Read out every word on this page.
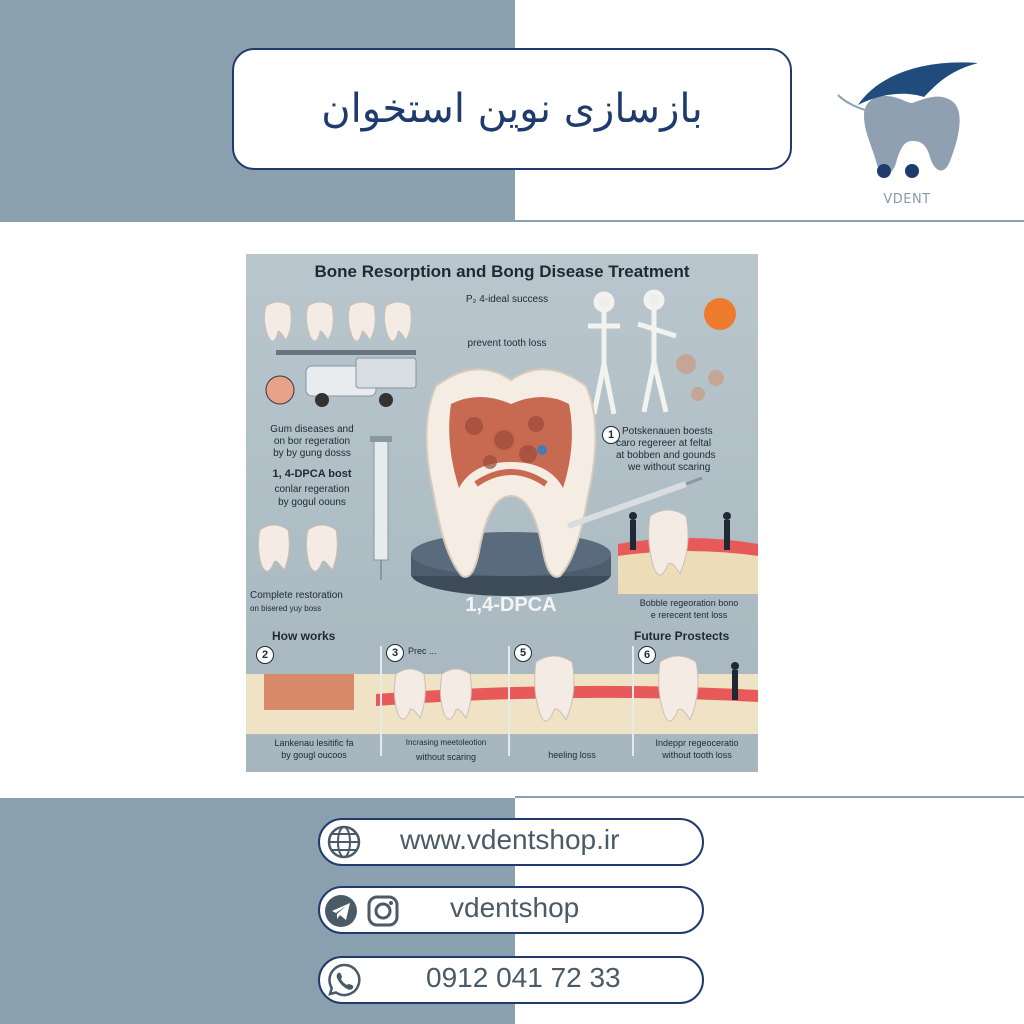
بازسازی نوین استخوان
VDENT
Bone Resorption and Bong Disease Treatment
P₂ 4-ideal success
prevent tooth loss
Gum diseases and
on bor regeration
by by gung dosss
1, 4-DPCA bost
conlar regeration
by gogul oouns
Complete restoration
on bisered yuy boss
1 Potskenauen boests
caro regereer at feltal
at bobben and gounds
we without scaring
1,4-DPCA	Bobble regeoration bono
e rerecent tent loss
How works
2	3	Prec ...	5
Future Prostects
6
Lankenau lesitific fa
by gougl oucoos
Incrasing meetoleotion
without scaring	heeling loss
Indeppr regeoceratio
without tooth loss
www.vdentshop.ir
vdentshop
0912 041 72 33
